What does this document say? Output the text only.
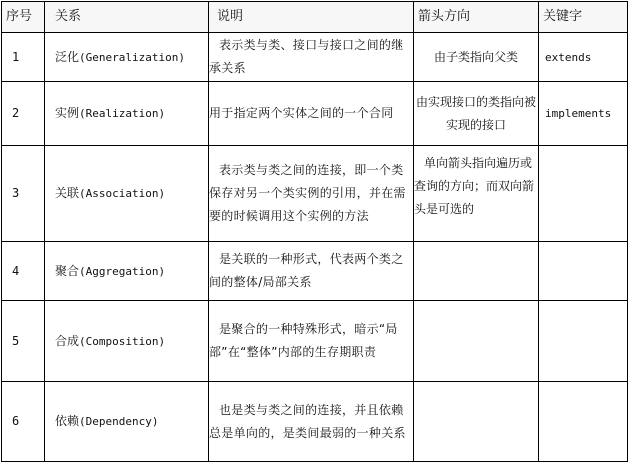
序号	关系	说明	箭头方向	关键字
1	泛化(Generalization)	表示类与类、接口与接口之间的继承关系	由子类指向父类	extends
2	实例(Realization)	用于指定两个实体之间的一个合同	由实现接口的类指向被实现的接口	implements
3	关联(Association)	表示类与类之间的连接，即一个类保存对另一个类实例的引用，并在需要的时候调用这个实例的方法	单向箭头指向遍历或查询的方向；而双向箭头是可选的	
4	聚合(Aggregation)	是关联的一种形式，代表两个类之间的整体/局部关系		
5	合成(Composition)	是聚合的一种特殊形式，暗示“局部”在“整体”内部的生存期职责		
6	依赖(Dependency)	也是类与类之间的连接，并且依赖总是单向的，是类间最弱的一种关系		
